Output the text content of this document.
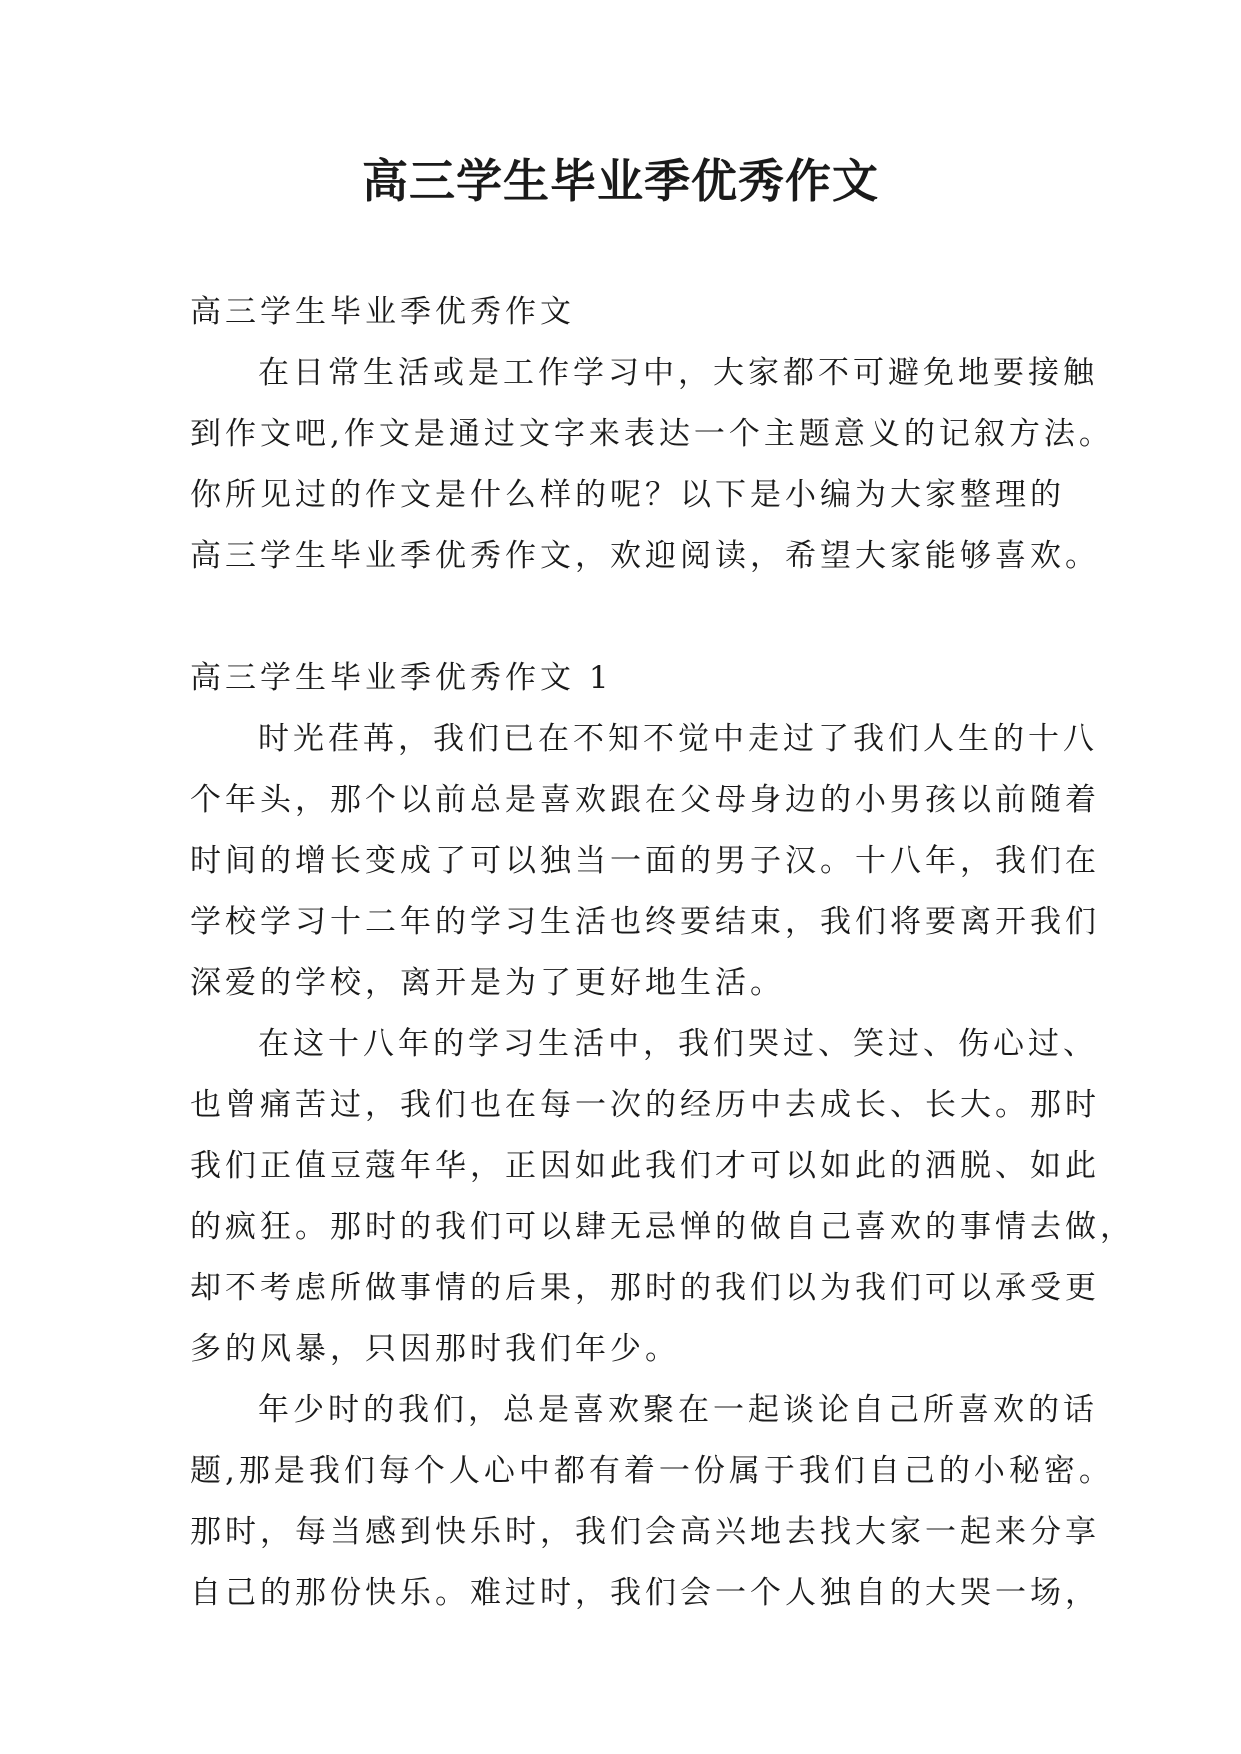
高三学生毕业季优秀作文
高三学生毕业季优秀作文
在日常生活或是工作学习中，大家都不可避免地要接触
到作文吧,作文是通过文字来表达一个主题意义的记叙方法。
你所见过的作文是什么样的呢？以下是小编为大家整理的
高三学生毕业季优秀作文，欢迎阅读，希望大家能够喜欢。
高三学生毕业季优秀作文 1
时光荏苒，我们已在不知不觉中走过了我们人生的十八
个年头，那个以前总是喜欢跟在父母身边的小男孩以前随着
时间的增长变成了可以独当一面的男子汉。十八年，我们在
学校学习十二年的学习生活也终要结束，我们将要离开我们
深爱的学校，离开是为了更好地生活。
在这十八年的学习生活中，我们哭过、笑过、伤心过、
也曾痛苦过，我们也在每一次的经历中去成长、长大。那时
我们正值豆蔻年华，正因如此我们才可以如此的洒脱、如此
的疯狂。那时的我们可以肆无忌惮的做自己喜欢的事情去做，
却不考虑所做事情的后果，那时的我们以为我们可以承受更
多的风暴，只因那时我们年少。
年少时的我们，总是喜欢聚在一起谈论自己所喜欢的话
题,那是我们每个人心中都有着一份属于我们自己的小秘密。
那时，每当感到快乐时，我们会高兴地去找大家一起来分享
自己的那份快乐。难过时，我们会一个人独自的大哭一场，
